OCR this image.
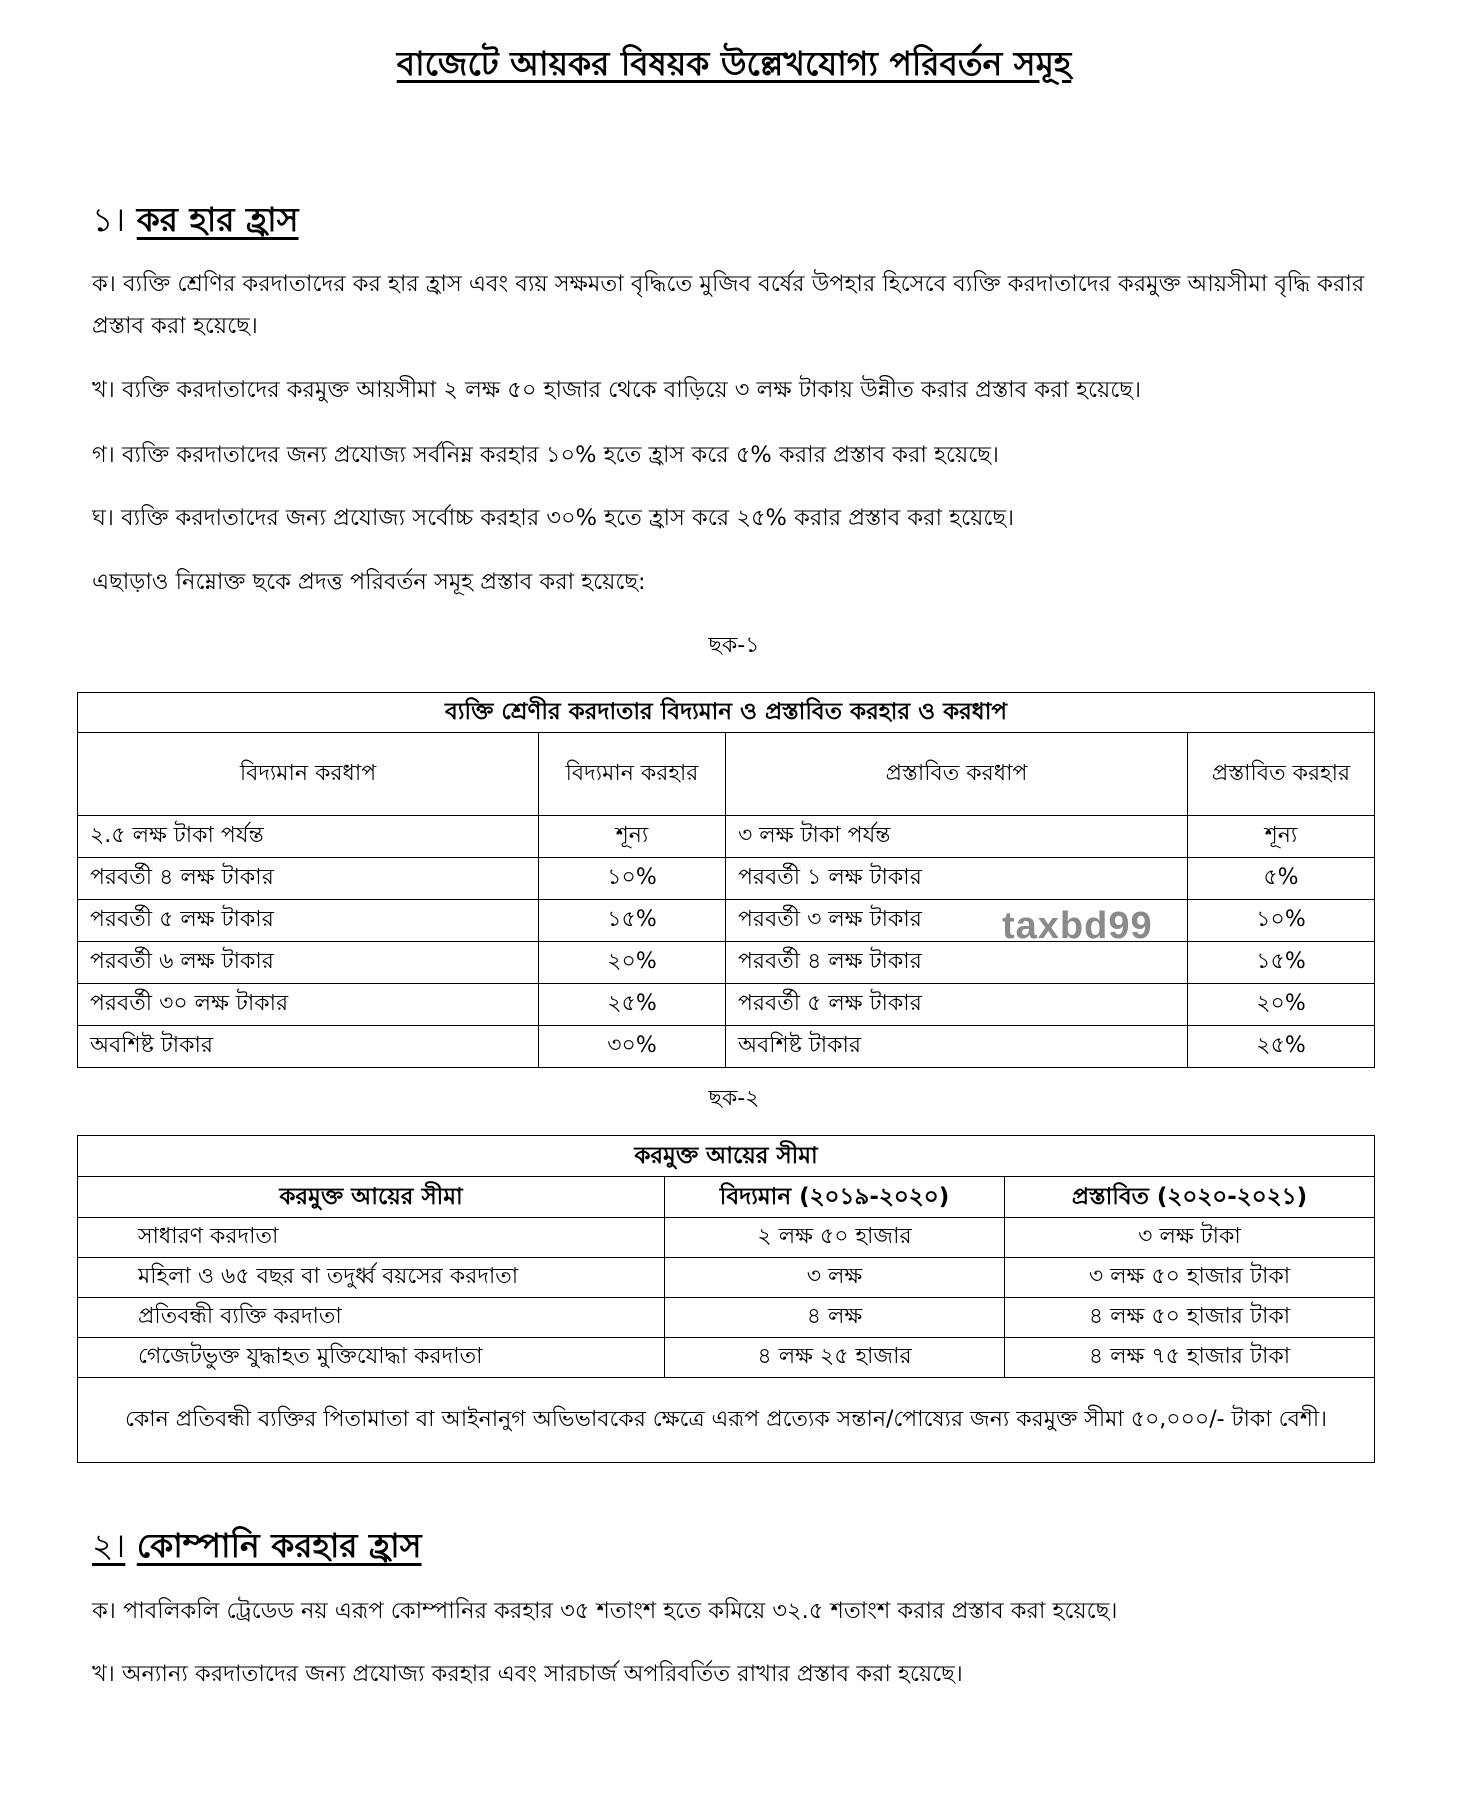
বাজেটে আয়কর বিষয়ক উল্লেখযোগ্য পরিবর্তন সমূহ
১। কর হার হ্রাস
ক। ব্যক্তি শ্রেণির করদাতাদের কর হার হ্রাস এবং ব্যয় সক্ষমতা বৃদ্ধিতে মুজিব বর্ষের উপহার হিসেবে ব্যক্তি করদাতাদের করমুক্ত আয়সীমা বৃদ্ধি করার প্রস্তাব করা হয়েছে।
খ। ব্যক্তি করদাতাদের করমুক্ত আয়সীমা ২ লক্ষ ৫০ হাজার থেকে বাড়িয়ে ৩ লক্ষ টাকায় উন্নীত করার প্রস্তাব করা হয়েছে।
গ। ব্যক্তি করদাতাদের জন্য প্রযোজ্য সর্বনিম্ন করহার ১০% হতে হ্রাস করে ৫% করার প্রস্তাব করা হয়েছে।
ঘ। ব্যক্তি করদাতাদের জন্য প্রযোজ্য সর্বোচ্চ করহার ৩০% হতে হ্রাস করে ২৫% করার প্রস্তাব করা হয়েছে।
এছাড়াও নিম্নোক্ত ছকে প্রদত্ত পরিবর্তন সমূহ প্রস্তাব করা হয়েছে:
ছক-১
ব্যক্তি শ্রেণীর করদাতার বিদ্যমান ও প্রস্তাবিত করহার ও করধাপ			
বিদ্যমান করধাপ	বিদ্যমান করহার	প্রস্তাবিত করধাপ	প্রস্তাবিত করহার
২.৫ লক্ষ টাকা পর্যন্ত	শূন্য	৩ লক্ষ টাকা পর্যন্ত	শূন্য
পরবর্তী ৪ লক্ষ টাকার	১০%	পরবর্তী ১ লক্ষ টাকার	৫%
পরবর্তী ৫ লক্ষ টাকার	১৫%	পরবর্তী ৩ লক্ষ টাকার	১০%
পরবর্তী ৬ লক্ষ টাকার	২০%	পরবর্তী ৪ লক্ষ টাকার	১৫%
পরবর্তী ৩০ লক্ষ টাকার	২৫%	পরবর্তী ৫ লক্ষ টাকার	২০%
অবশিষ্ট টাকার	৩০%	অবশিষ্ট টাকার	২৫%
taxbd99
ছক-২
করমুক্ত আয়ের সীমা		
করমুক্ত আয়ের সীমা	বিদ্যমান (২০১৯-২০২০)	প্রস্তাবিত (২০২০-২০২১)
সাধারণ করদাতা	২ লক্ষ ৫০ হাজার	৩ লক্ষ টাকা
মহিলা ও ৬৫ বছর বা তদুর্ধ্ব বয়সের করদাতা	৩ লক্ষ	৩ লক্ষ ৫০ হাজার টাকা
প্রতিবন্ধী ব্যক্তি করদাতা	৪ লক্ষ	৪ লক্ষ ৫০ হাজার টাকা
গেজেটভুক্ত যুদ্ধাহত মুক্তিযোদ্ধা করদাতা	৪ লক্ষ ২৫ হাজার	৪ লক্ষ ৭৫ হাজার টাকা
কোন প্রতিবন্ধী ব্যক্তির পিতামাতা বা আইনানুগ অভিভাবকের ক্ষেত্রে এরূপ প্রত্যেক সন্তান/পোষ্যের জন্য করমুক্ত সীমা ৫০,০০০/- টাকা বেশী।		
২। কোম্পানি করহার হ্রাস
ক। পাবলিকলি ট্রেডেড নয় এরূপ কোম্পানির করহার ৩৫ শতাংশ হতে কমিয়ে ৩২.৫ শতাংশ করার প্রস্তাব করা হয়েছে।
খ। অন্যান্য করদাতাদের জন্য প্রযোজ্য করহার এবং সারচার্জ অপরিবর্তিত রাখার প্রস্তাব করা হয়েছে।
